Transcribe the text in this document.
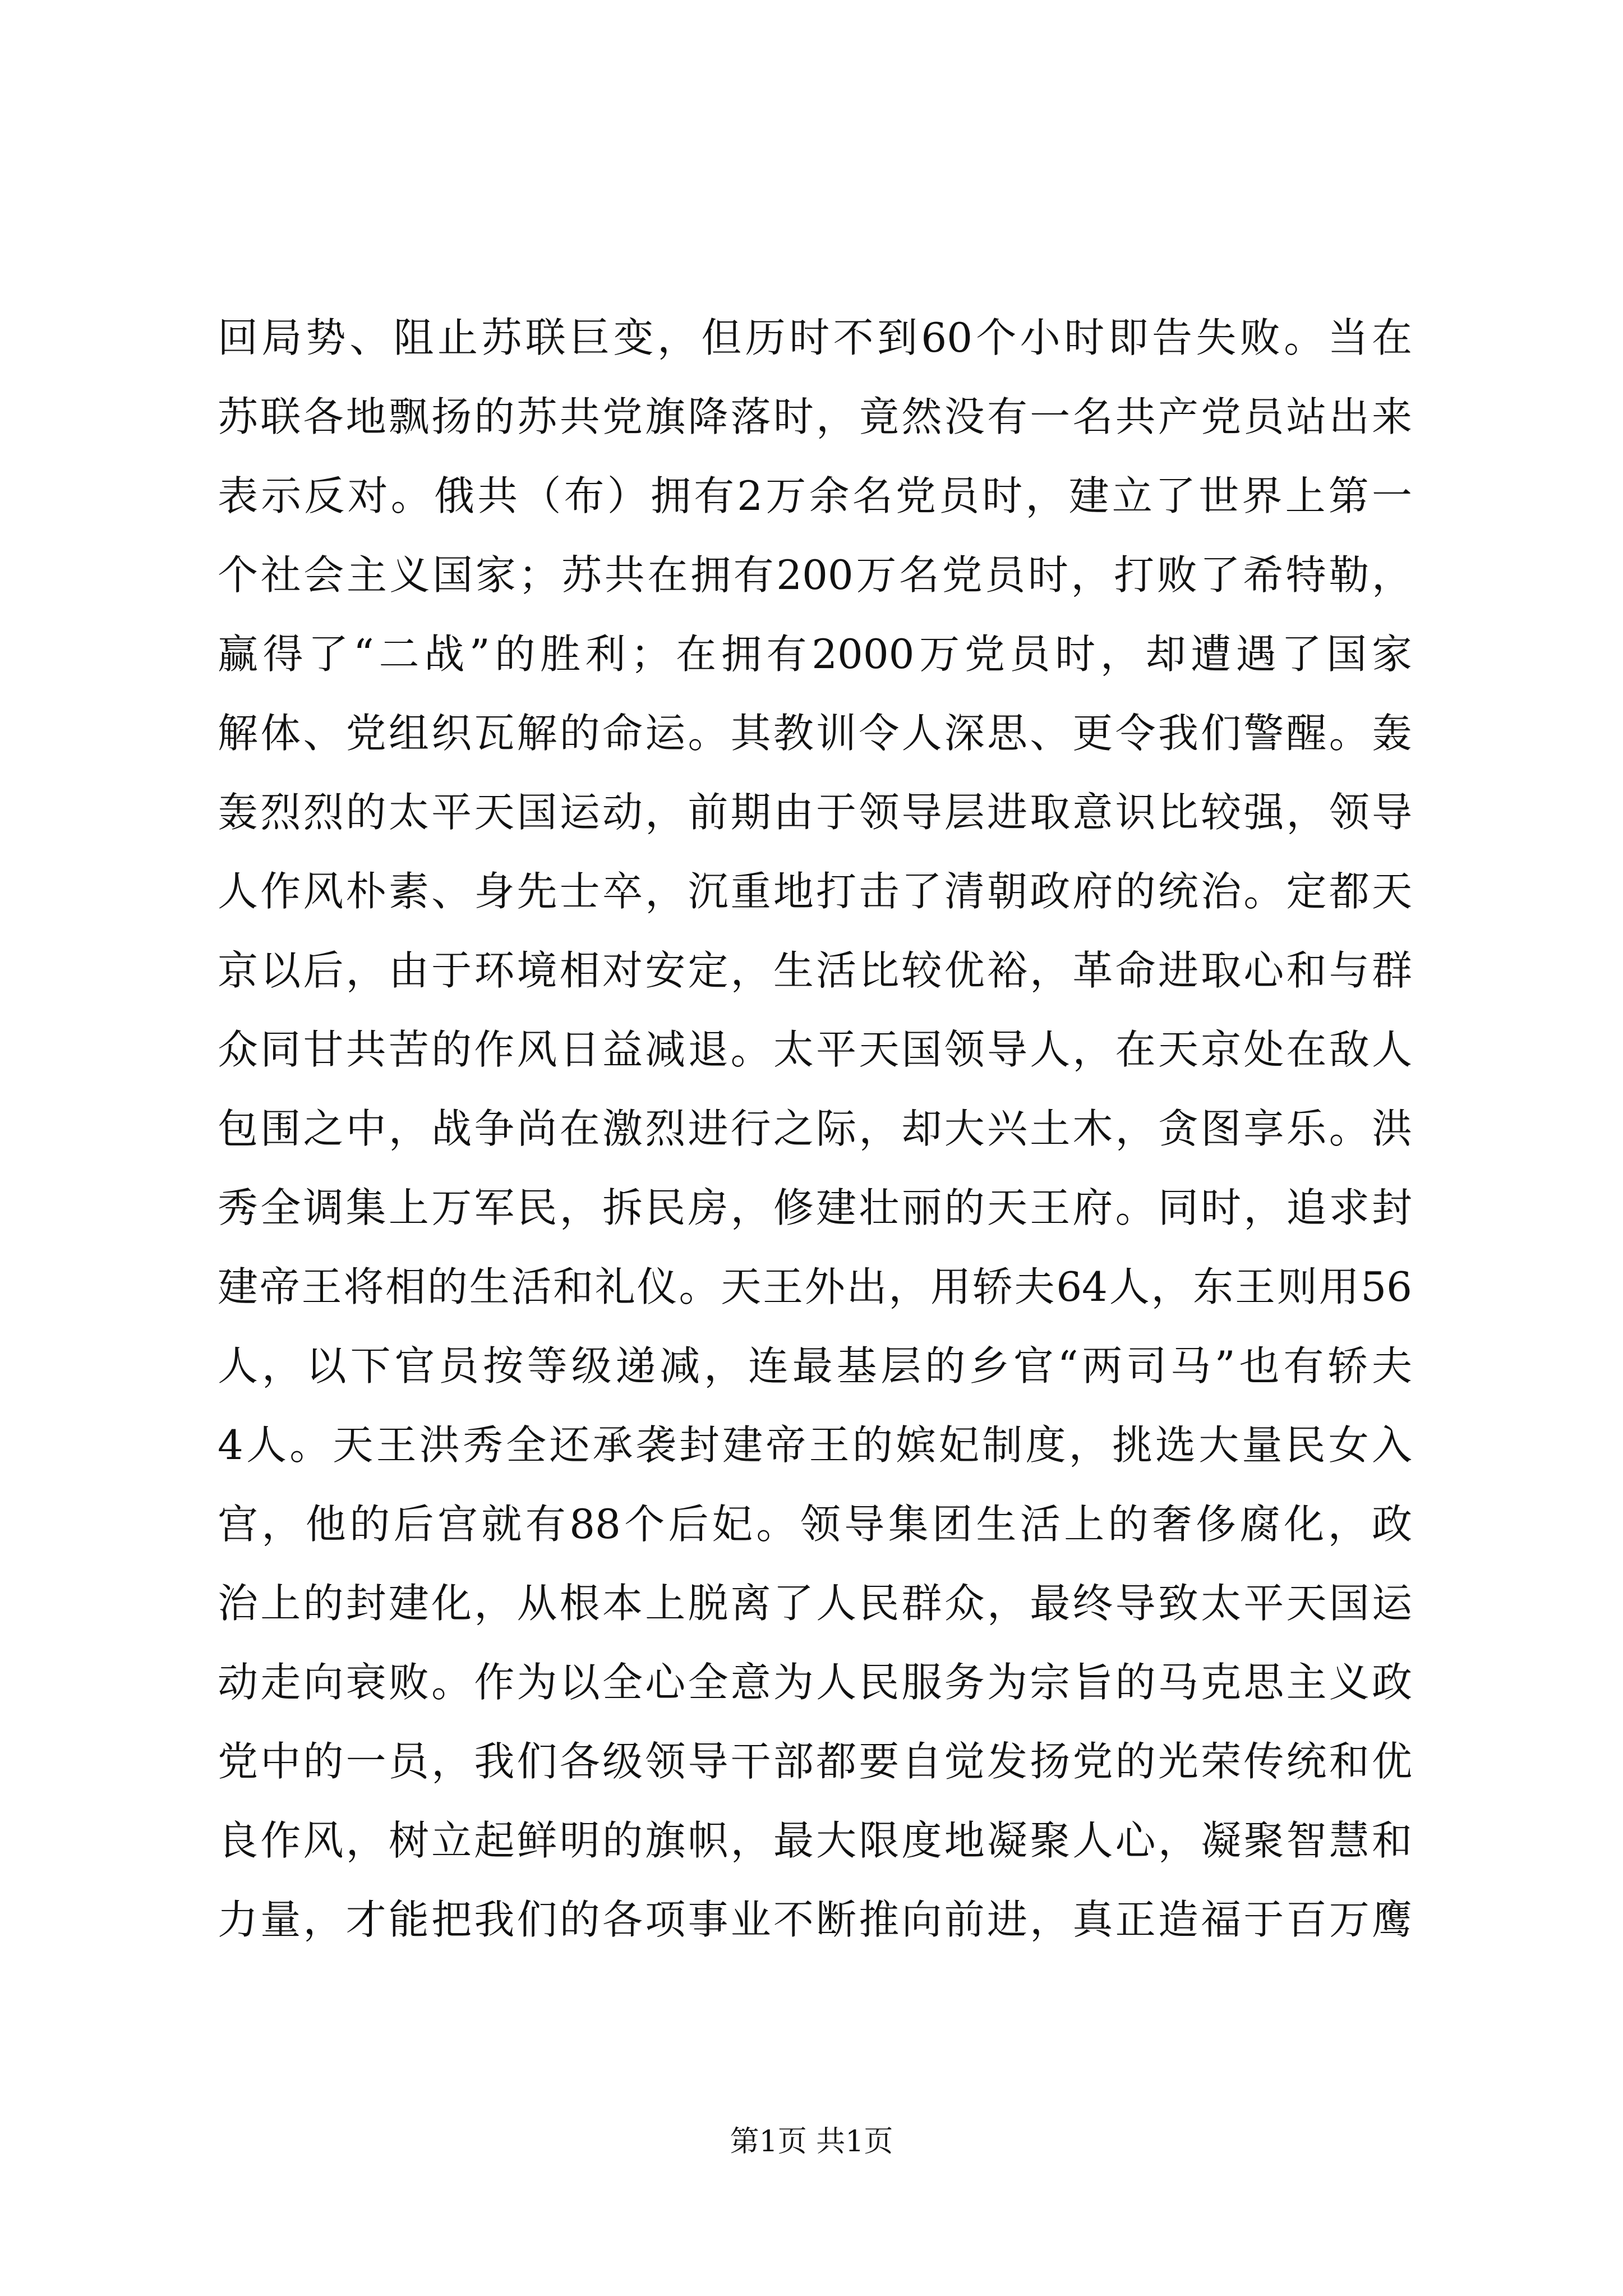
回局势、阻止苏联巨变，但历时不到60个小时即告失败。当在
苏联各地飘扬的苏共党旗降落时，竟然没有一名共产党员站出来
表示反对。俄共（布）拥有2万余名党员时，建立了世界上第一
个社会主义国家；苏共在拥有200万名党员时，打败了希特勒，
赢得了“二战”的胜利；在拥有2000万党员时，却遭遇了国家
解体、党组织瓦解的命运。其教训令人深思、更令我们警醒。轰
轰烈烈的太平天国运动，前期由于领导层进取意识比较强，领导
人作风朴素、身先士卒，沉重地打击了清朝政府的统治。定都天
京以后，由于环境相对安定，生活比较优裕，革命进取心和与群
众同甘共苦的作风日益减退。太平天国领导人，在天京处在敌人
包围之中，战争尚在激烈进行之际，却大兴土木，贪图享乐。洪
秀全调集上万军民，拆民房，修建壮丽的天王府。同时，追求封
建帝王将相的生活和礼仪。天王外出，用轿夫64人，东王则用56
人，以下官员按等级递减，连最基层的乡官“两司马”也有轿夫
4人。天王洪秀全还承袭封建帝王的嫔妃制度，挑选大量民女入
宫，他的后宫就有88个后妃。领导集团生活上的奢侈腐化，政
治上的封建化，从根本上脱离了人民群众，最终导致太平天国运
动走向衰败。作为以全心全意为人民服务为宗旨的马克思主义政
党中的一员，我们各级领导干部都要自觉发扬党的光荣传统和优
良作风，树立起鲜明的旗帜，最大限度地凝聚人心，凝聚智慧和
力量，才能把我们的各项事业不断推向前进，真正造福于百万鹰
第1页 共1页
